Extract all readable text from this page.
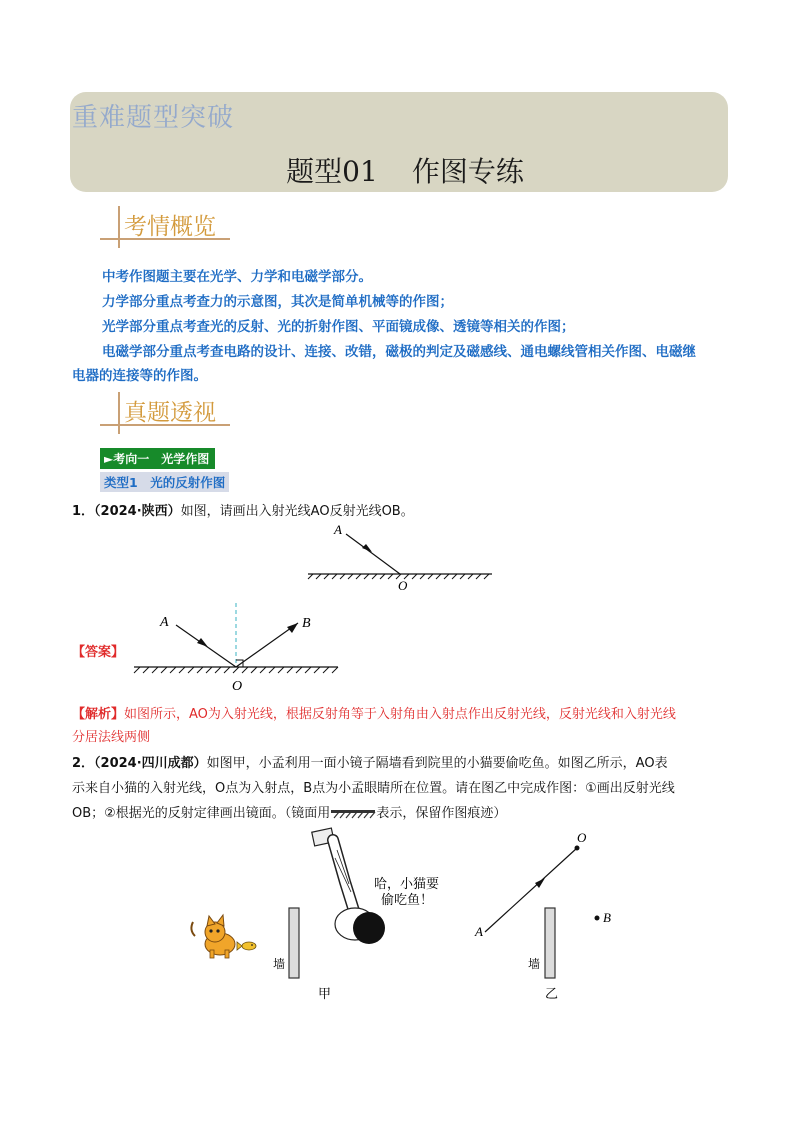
重难题型突破
题型01 作图专练
考情概览
中考作图题主要在光学、力学和电磁学部分。
力学部分重点考查力的示意图，其次是简单机械等的作图；
光学部分重点考查光的反射、光的折射作图、平面镜成像、透镜等相关的作图；
电磁学部分重点考查电路的设计、连接、改错，磁极的判定及磁感线、通电螺线管相关作图、电磁继
电器的连接等的作图。
真题透视
►考向一　光学作图
类型1　光的反射作图
1．（2024·陕西）如图，请画出入射光线AO反射光线OB。
A
O
【答案】
A	B
O
【解析】如图所示，AO为入射光线，根据反射角等于入射角由入射点作出反射光线，反射光线和入射光线
分居法线两侧
2．（2024·四川成都）如图甲，小孟利用一面小镜子隔墙看到院里的小猫要偷吃鱼。如图乙所示，AO表
示来自小猫的入射光线，O点为入射点，B点为小孟眼睛所在位置。请在图乙中完成作图：①画出反射光线
OB；②根据光的反射定律画出镜面。（镜面用	表示，保留作图痕迹）
哈，小猫要
偷吃鱼！
墙
甲
O
A
B
墙
乙
